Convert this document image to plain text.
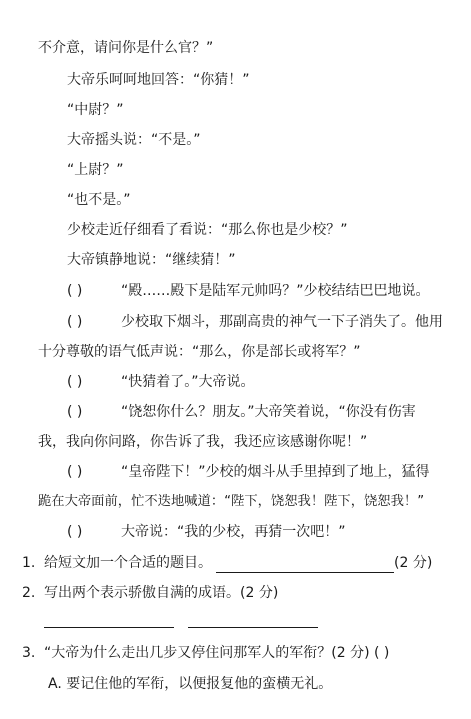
不介意，请问你是什么官？”
大帝乐呵呵地回答：“你猜！”
“中尉？”
大帝摇头说：“不是。”
“上尉？”
“也不是。”
少校走近仔细看了看说：“那么你也是少校？”
大帝镇静地说：“继续猜！”
( )	“殿……殿下是陆军元帅吗？”少校结结巴巴地说。
( )	少校取下烟斗，那副高贵的神气一下子消失了。他用
十分尊敬的语气低声说：“那么，你是部长或将军？”
( )	“快猜着了。”大帝说。
( )	“饶恕你什么？朋友。”大帝笑着说，“你没有伤害
我，我向你问路，你告诉了我，我还应该感谢你呢！”
( )	“皇帝陛下！”少校的烟斗从手里掉到了地上，猛得
跪在大帝面前，忙不迭地喊道：“陛下，饶恕我！陛下，饶恕我！”
( )	大帝说：“我的少校，再猜一次吧！”
1. 给短文加一个合适的题目。	(2 分)
2. 写出两个表示骄傲自满的成语。(2 分)
3. “大帝为什么走出几步又停住问那军人的军衔？(2 分) ( )
A. 要记住他的军衔，以便报复他的蛮横无礼。
